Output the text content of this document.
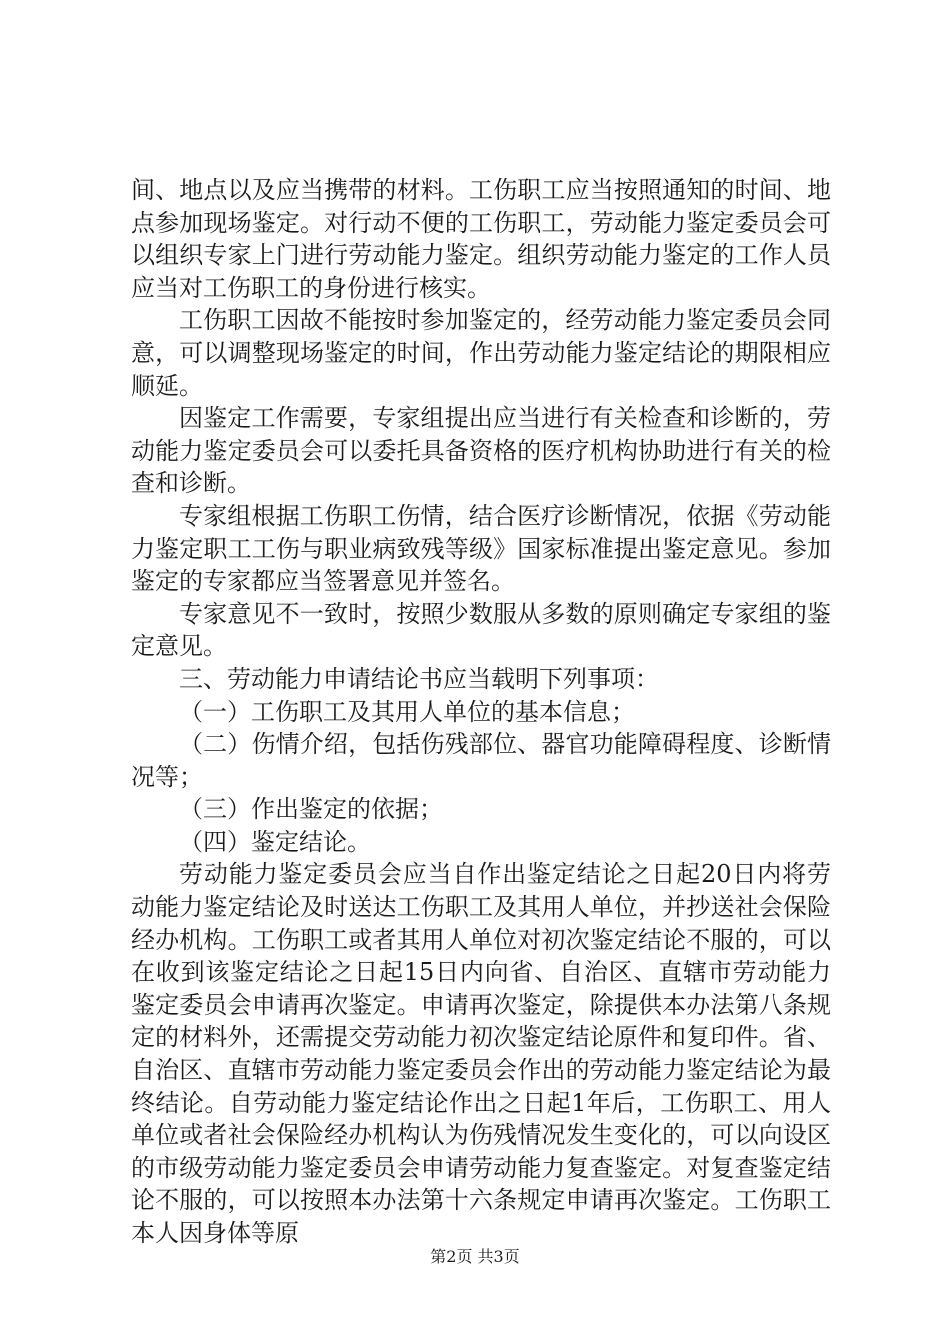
间、地点以及应当携带的材料。工伤职工应当按照通知的时间、地点参加现场鉴定。对行动不便的工伤职工，劳动能力鉴定委员会可以组织专家上门进行劳动能力鉴定。组织劳动能力鉴定的工作人员应当对工伤职工的身份进行核实。

工伤职工因故不能按时参加鉴定的，经劳动能力鉴定委员会同意，可以调整现场鉴定的时间，作出劳动能力鉴定结论的期限相应顺延。

因鉴定工作需要，专家组提出应当进行有关检查和诊断的，劳动能力鉴定委员会可以委托具备资格的医疗机构协助进行有关的检查和诊断。

专家组根据工伤职工伤情，结合医疗诊断情况，依据《劳动能力鉴定职工工伤与职业病致残等级》国家标准提出鉴定意见。参加鉴定的专家都应当签署意见并签名。

专家意见不一致时，按照少数服从多数的原则确定专家组的鉴定意见。

三、劳动能力申请结论书应当载明下列事项：

（一）工伤职工及其用人单位的基本信息；

（二）伤情介绍，包括伤残部位、器官功能障碍程度、诊断情况等；

（三）作出鉴定的依据；

（四）鉴定结论。

劳动能力鉴定委员会应当自作出鉴定结论之日起20日内将劳动能力鉴定结论及时送达工伤职工及其用人单位，并抄送社会保险经办机构。工伤职工或者其用人单位对初次鉴定结论不服的，可以在收到该鉴定结论之日起15日内向省、自治区、直辖市劳动能力鉴定委员会申请再次鉴定。申请再次鉴定，除提供本办法第八条规定的材料外，还需提交劳动能力初次鉴定结论原件和复印件。省、自治区、直辖市劳动能力鉴定委员会作出的劳动能力鉴定结论为最终结论。自劳动能力鉴定结论作出之日起1年后，工伤职工、用人单位或者社会保险经办机构认为伤残情况发生变化的，可以向设区的市级劳动能力鉴定委员会申请劳动能力复查鉴定。对复查鉴定结论不服的，可以按照本办法第十六条规定申请再次鉴定。工伤职工本人因身体等原

第2页 共3页
